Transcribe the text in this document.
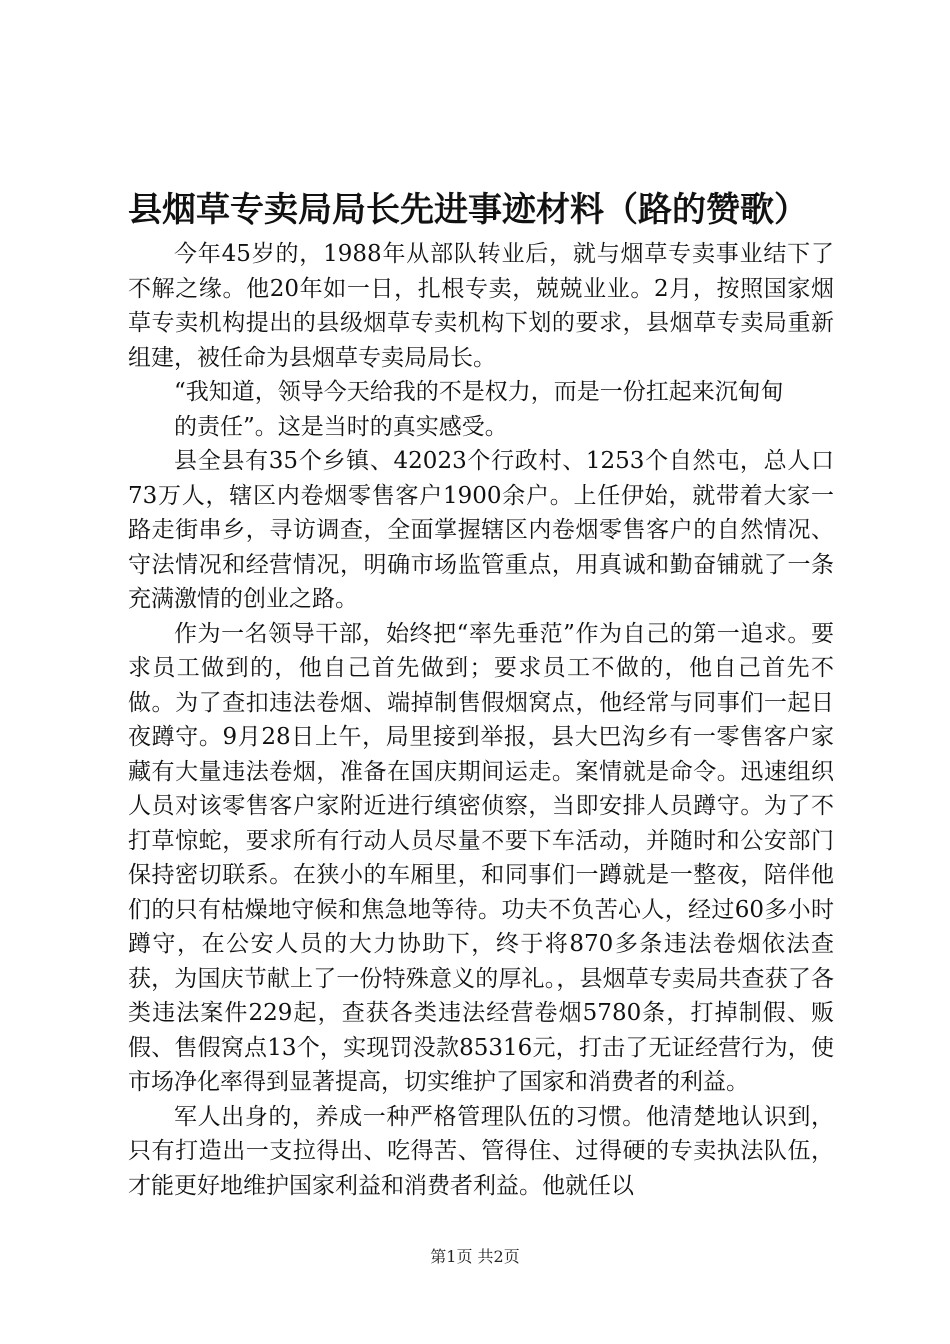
县烟草专卖局局长先进事迹材料（路的赞歌）

今年45岁的，1988年从部队转业后，就与烟草专卖事业结下了不解之缘。他20年如一日，扎根专卖，兢兢业业。2月，按照国家烟草专卖机构提出的县级烟草专卖机构下划的要求，县烟草专卖局重新组建，被任命为县烟草专卖局局长。

“我知道，领导今天给我的不是权力，而是一份扛起来沉甸甸

的责任”。这是当时的真实感受。

县全县有35个乡镇、42023个行政村、1253个自然屯，总人口73万人，辖区内卷烟零售客户1900余户。上任伊始，就带着大家一路走街串乡，寻访调查，全面掌握辖区内卷烟零售客户的自然情况、守法情况和经营情况，明确市场监管重点，用真诚和勤奋铺就了一条充满激情的创业之路。

作为一名领导干部，始终把“率先垂范”作为自己的第一追求。要求员工做到的，他自己首先做到；要求员工不做的，他自己首先不做。为了查扣违法卷烟、端掉制售假烟窝点，他经常与同事们一起日夜蹲守。9月28日上午，局里接到举报，县大巴沟乡有一零售客户家藏有大量违法卷烟，准备在国庆期间运走。案情就是命令。迅速组织人员对该零售客户家附近进行缜密侦察，当即安排人员蹲守。为了不打草惊蛇，要求所有行动人员尽量不要下车活动，并随时和公安部门保持密切联系。在狭小的车厢里，和同事们一蹲就是一整夜，陪伴他们的只有枯燥地守候和焦急地等待。功夫不负苦心人，经过60多小时蹲守，在公安人员的大力协助下，终于将870多条违法卷烟依法查获，为国庆节献上了一份特殊意义的厚礼。，县烟草专卖局共查获了各类违法案件229起，查获各类违法经营卷烟5780条，打掉制假、贩假、售假窝点13个，实现罚没款85316元，打击了无证经营行为，使市场净化率得到显著提高，切实维护了国家和消费者的利益。

军人出身的，养成一种严格管理队伍的习惯。他清楚地认识到，只有打造出一支拉得出、吃得苦、管得住、过得硬的专卖执法队伍，才能更好地维护国家利益和消费者利益。他就任以

第1页 共2页
